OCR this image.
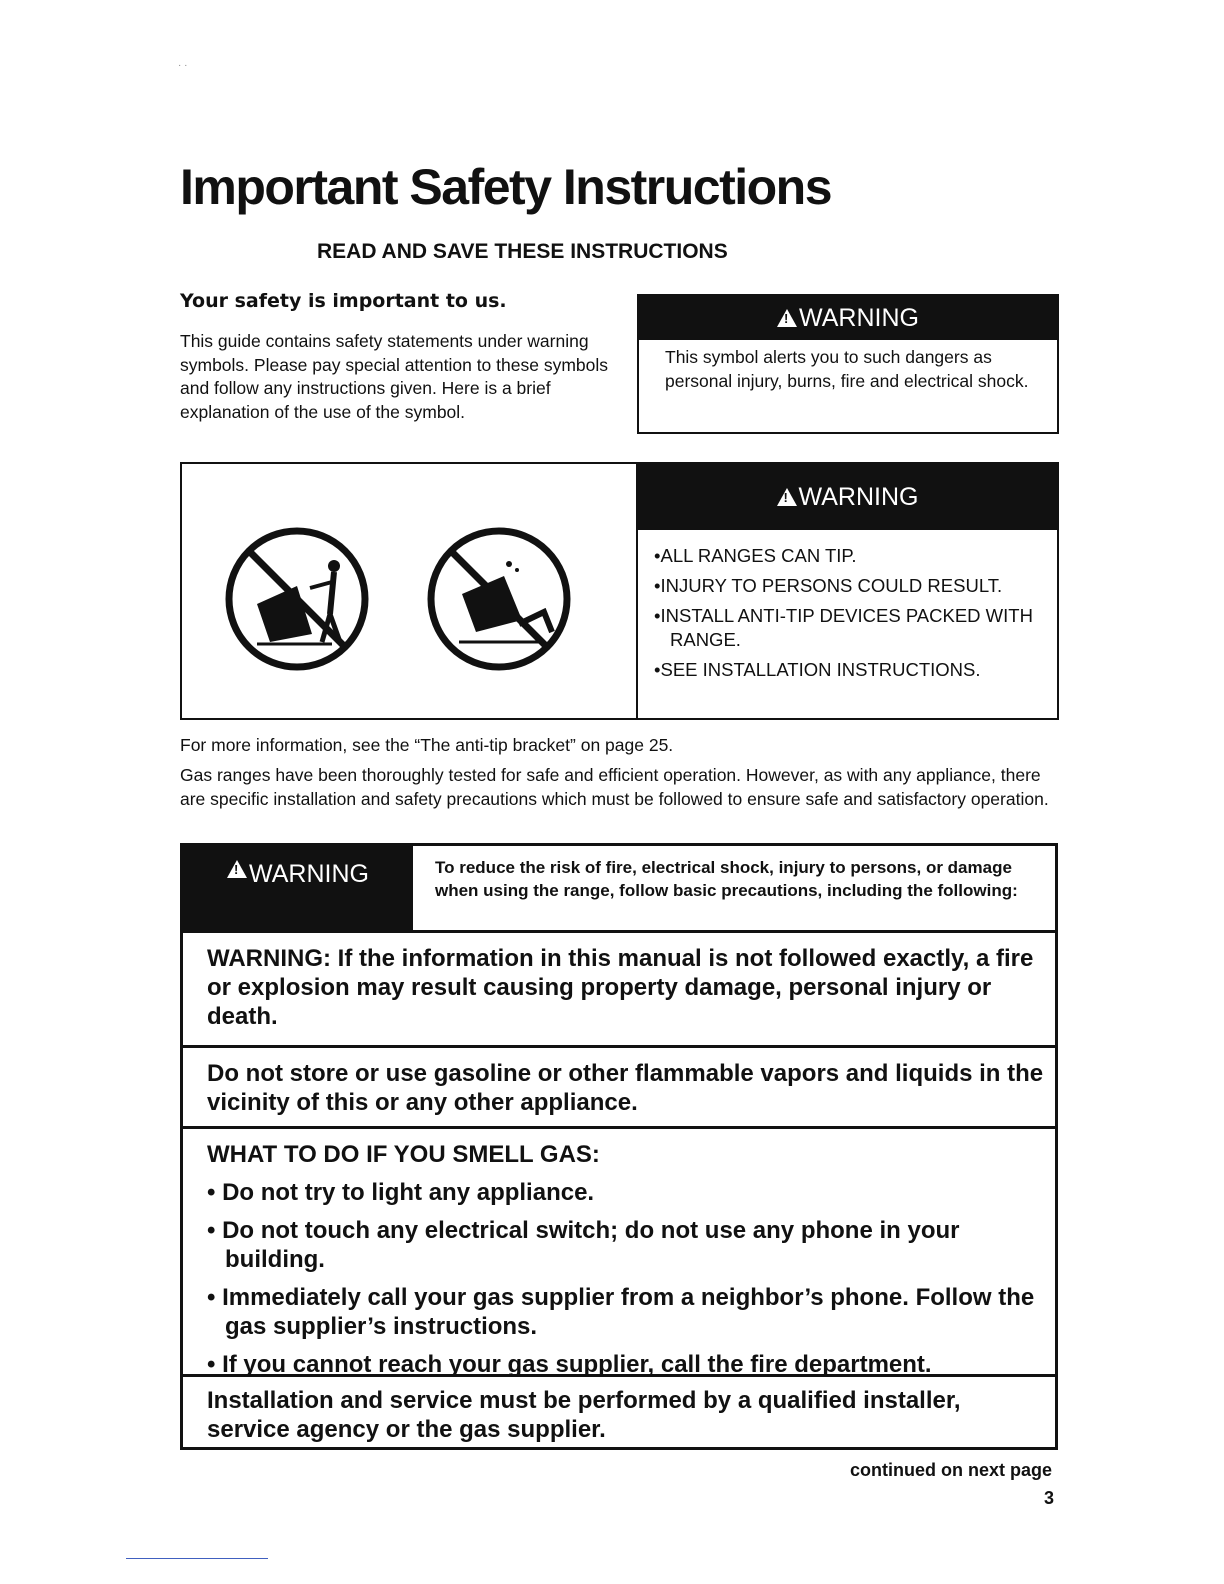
· ·
Important Safety Instructions
READ AND SAVE THESE INSTRUCTIONS
Your safety is important to us.
This guide contains safety statements under warning symbols. Please pay special attention to these symbols and follow any instructions given. Here is a brief explanation of the use of the symbol.
!
WARNING
This symbol alerts you to such dangers as personal injury, burns, fire and electrical shock.
!
WARNING
•ALL RANGES CAN TIP.
•INJURY TO PERSONS COULD RESULT.
•INSTALL ANTI-TIP DEVICES PACKED WITH RANGE.
•SEE INSTALLATION INSTRUCTIONS.
For more information, see the “The anti-tip bracket” on page 25.
Gas ranges have been thoroughly tested for safe and efficient operation. However, as with any appliance, there are specific installation and safety precautions which must be followed to ensure safe and satisfactory operation.
!
WARNING	To reduce the risk of fire, electrical shock, injury to persons, or damage when using the range, follow basic precautions, including the following:
WARNING: If the information in this manual is not followed exactly, a fire or explosion may result causing property damage, personal injury or death.
Do not store or use gasoline or other flammable vapors and liquids in the vicinity of this or any other appliance.
WHAT TO DO IF YOU SMELL GAS:
• Do not try to light any appliance.
• Do not touch any electrical switch; do not use any phone in your building.
• Immediately call your gas supplier from a neighbor’s phone. Follow the gas supplier’s instructions.
• If you cannot reach your gas supplier, call the fire department.
Installation and service must be performed by a qualified installer, service agency or the gas supplier.
continued on next page
3
